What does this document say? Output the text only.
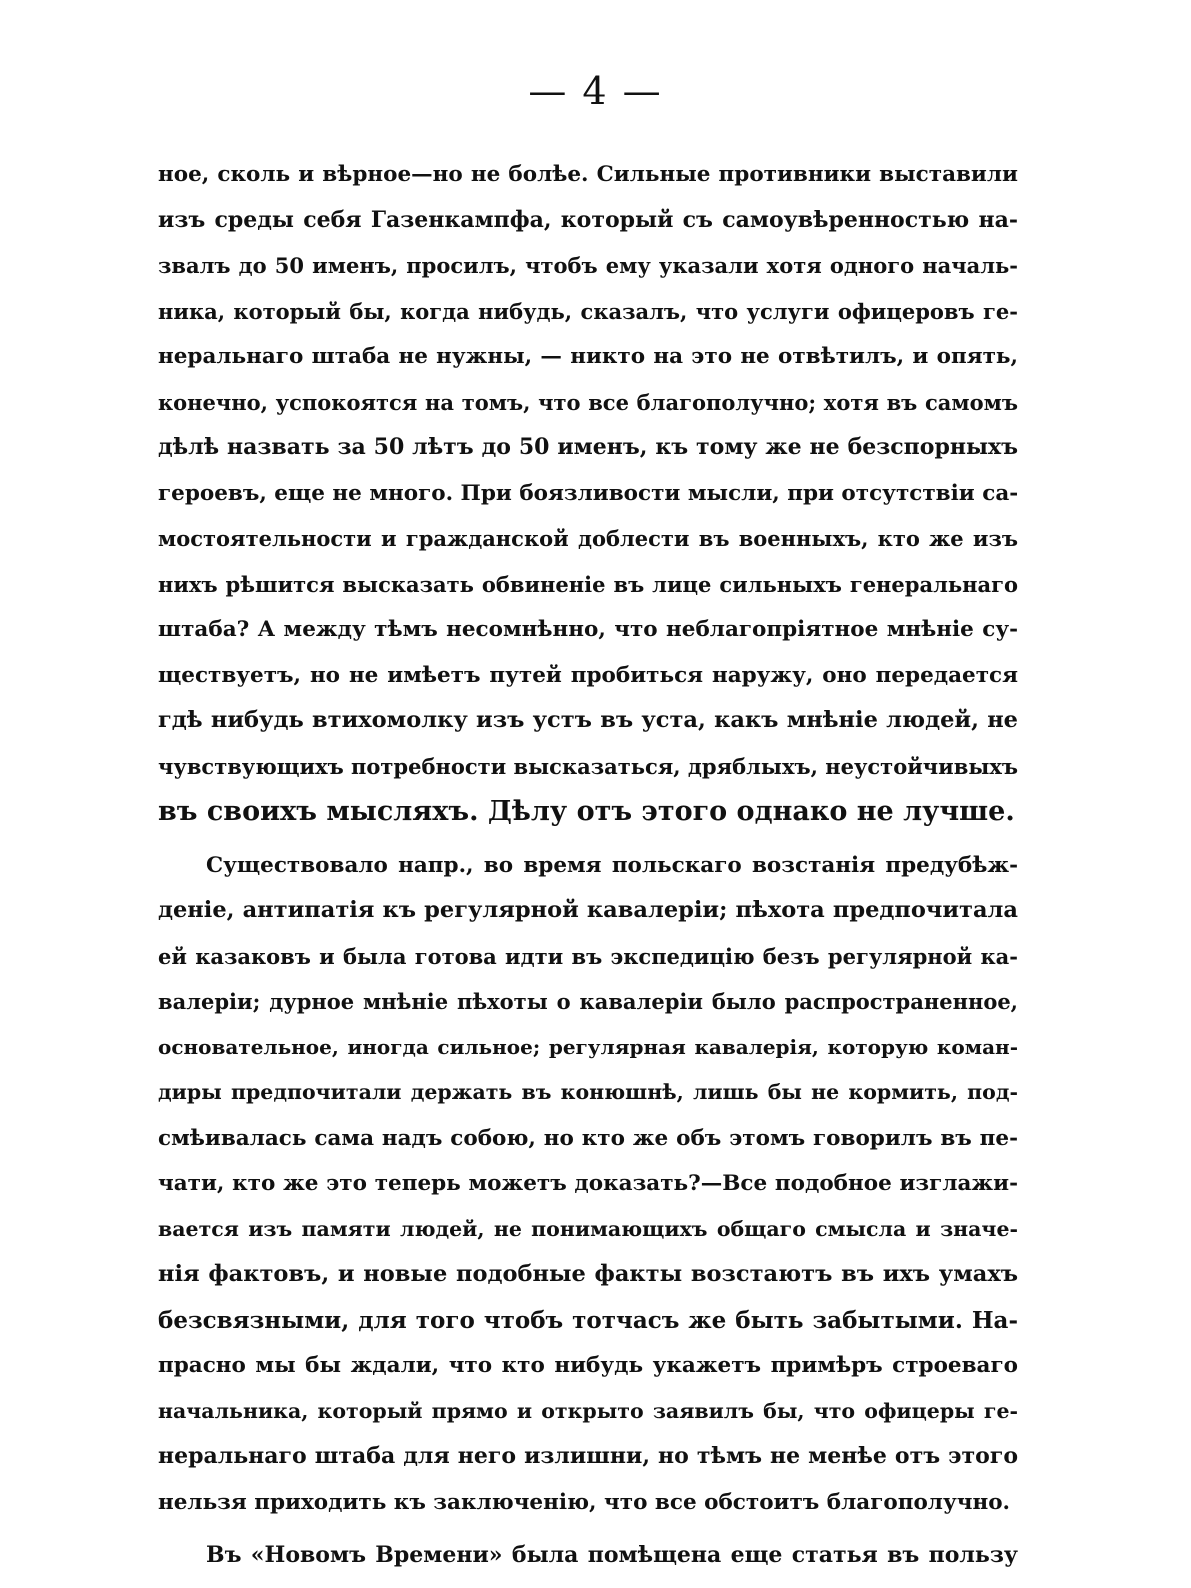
— 4 —
ное, сколь и вѣрное—но не болѣе. Сильные противники выставили
изъ среды себя Газенкампфа, который съ самоувѣренностью на-
звалъ до 50 именъ, просилъ, чтобъ ему указали хотя одного началь-
ника, который бы, когда нибудь, сказалъ, что услуги офицеровъ ге-
неральнаго штаба не нужны, — никто на это не отвѣтилъ, и опять,
конечно, успокоятся на томъ, что все благополучно; хотя въ самомъ
дѣлѣ назвать за 50 лѣтъ до 50 именъ, къ тому же не безспорныхъ
героевъ, еще не много. При боязливости мысли, при отсутствіи са-
мостоятельности и гражданской доблести въ военныхъ, кто же изъ
нихъ рѣшится высказать обвиненіе въ лице сильныхъ генеральнаго
штаба? А между тѣмъ несомнѣнно, что неблагопріятное мнѣніе су-
ществуетъ, но не имѣетъ путей пробиться наружу, оно передается
гдѣ нибудь втихомолку изъ устъ въ уста, какъ мнѣніе людей, не
чувствующихъ потребности высказаться, дряблыхъ, неустойчивыхъ
въ своихъ мысляхъ. Дѣлу отъ этого однако не лучше.
Существовало напр., во время польскаго возстанія предубѣж-
деніе, антипатія къ регулярной кавалеріи; пѣхота предпочитала
ей казаковъ и была готова идти въ экспедицію безъ регулярной ка-
валеріи; дурное мнѣніе пѣхоты о кавалеріи было распространенное,
основательное, иногда сильное; регулярная кавалерія, которую коман-
диры предпочитали держать въ конюшнѣ, лишь бы не кормить, под-
смѣивалась сама надъ собою, но кто же объ этомъ говорилъ въ пе-
чати, кто же это теперь можетъ доказать?—Все подобное изглажи-
вается изъ памяти людей, не понимающихъ общаго смысла и значе-
нія фактовъ, и новые подобные факты возстаютъ въ ихъ умахъ
безсвязными, для того чтобъ тотчасъ же быть забытыми. На-
прасно мы бы ждали, что кто нибудь укажетъ примѣръ строеваго
начальника, который прямо и открыто заявилъ бы, что офицеры ге-
неральнаго штаба для него излишни, но тѣмъ не менѣе отъ этого
нельзя приходить къ заключенію, что все обстоитъ благополучно.
Въ «Новомъ Времени» была помѣщена еще статья въ пользу
